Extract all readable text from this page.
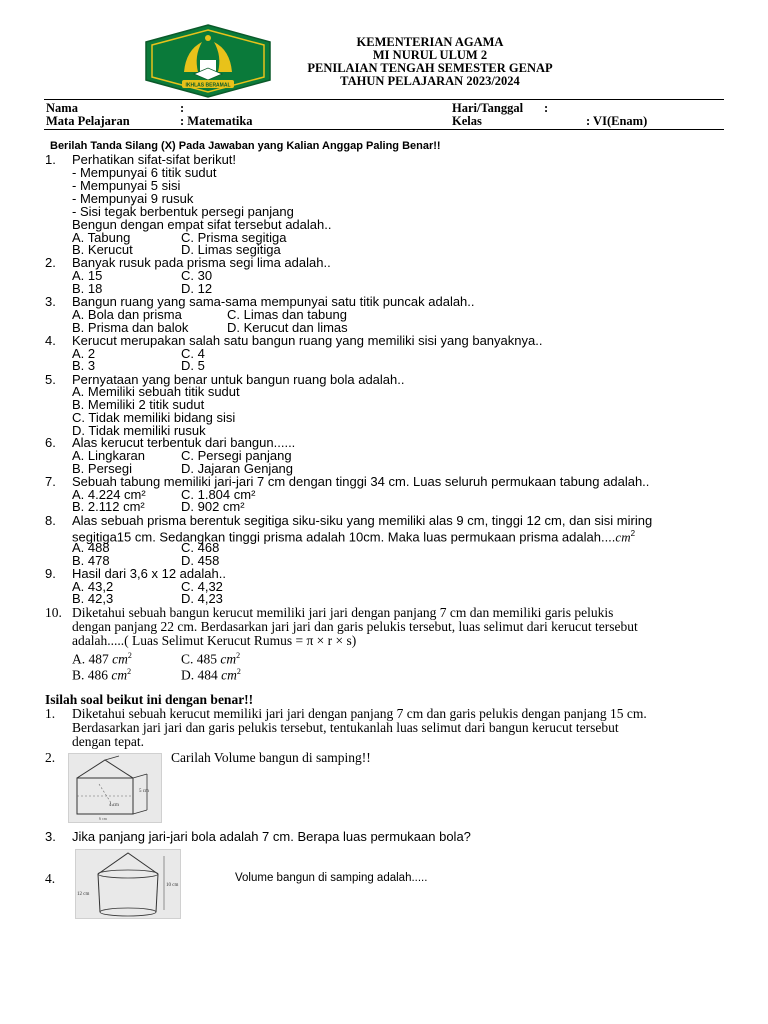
IKHLAS BERAMAL
KEMENTERIAN AGAMA
MI NURUL ULUM 2
PENILAIAN TENGAH SEMESTER GENAP
TAHUN PELAJARAN 2023/2024
Nama	:	Hari/Tanggal :
Mata Pelajaran	: Matematika	Kelas	: VI(Enam)
Berilah Tanda Silang (X) Pada Jawaban yang Kalian Anggap Paling Benar!!
1. Perhatikan sifat-sifat berikut!
- Mempunyai 6 titik sudut
- Mempunyai 5 sisi
- Mempunyai 9 rusuk
- Sisi tegak berbentuk persegi panjang
Bengun dengan empat sifat tersebut adalah..
A. Tabung	C. Prisma segitiga
B. Kerucut	D. Limas segitiga
2. Banyak rusuk pada prisma segi lima adalah..
A. 15	C. 30
B. 18	D. 12
3. Bangun ruang yang sama-sama mempunyai satu titik puncak adalah..
A. Bola dan prisma	C. Limas dan tabung
B. Prisma dan balok	D. Kerucut dan limas
4. Kerucut merupakan salah satu bangun ruang yang memiliki sisi yang banyaknya..
A. 2	C. 4
B. 3	D. 5
5. Pernyataan yang benar untuk bangun ruang bola adalah..
A. Memiliki sebuah titik sudut
B. Memiliki 2 titik sudut
C. Tidak memiliki bidang sisi
D. Tidak memiliki rusuk
6. Alas kerucut terbentuk dari bangun......
A. Lingkaran	C. Persegi panjang
B. Persegi	D. Jajaran Genjang
7. Sebuah tabung memiliki jari-jari 7 cm dengan tinggi 34 cm. Luas seluruh permukaan tabung adalah..
A. 4.224 cm²	C. 1.804 cm²
B. 2.112 cm²	D. 902 cm²
8. Alas sebuah prisma berentuk segitiga siku-siku yang memiliki alas 9 cm, tinggi 12 cm, dan sisi miring
segitiga15 cm. Sedangkan tinggi prisma adalah 10cm. Maka luas permukaan prisma $adalah....cm^2$
A. 488	C. 468
B. 478	D. 458
9. Hasil dari 3,6 x 12 adalah..
A. 43,2	C. 4,32
B. 42,3	D. 4,23
10. Diketahui sebuah bangun kerucut memiliki jari jari dengan panjang 7 cm dan memiliki garis pelukis
dengan panjang 22 cm. Berdasarkan jari jari dan garis pelukis tersebut, luas selimut dari kerucut tersebut
adalah.....( Luas Selimut Kerucut Rumus = π × r × s)
A. 487 $cm^2$	C. 485 $cm^2$
B. 486 $cm^2$	D. 484 $cm^2$
Isilah soal beikut ini dengan benar!!
1. Diketahui sebuah kerucut memiliki jari jari dengan panjang 7 cm dan garis pelukis dengan panjang 15 cm.
Berdasarkan jari jari dan garis pelukis tersebut, tentukanlah luas selimut dari bangun kerucut tersebut
dengan tepat.
2.
5 cm
4 cm
6 cm
Carilah Volume bangun di samping!!
3. Jika panjang jari-jari bola adalah 7 cm. Berapa luas permukaan bola?
4.
12 cm
10 cm
Volume bangun di samping adalah.....
